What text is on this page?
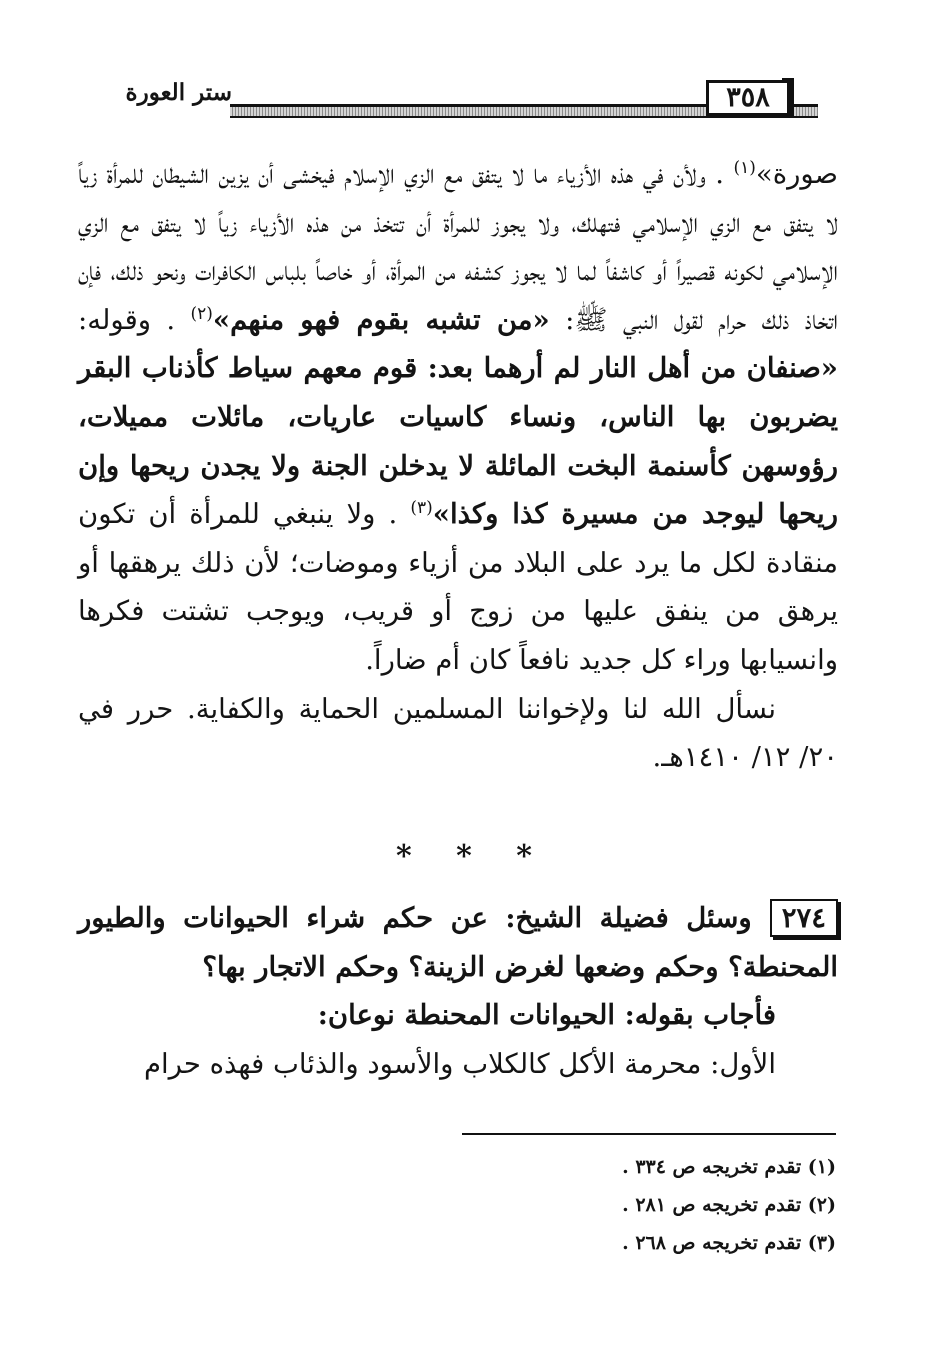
ستر العورة	٣٥٨

صورة»$^{(١)}$ . ولأن في هذه الأزياء ما لا يتفق مع الزي الإسلام فيخشى أن يزين الشيطان للمرأة زياً لا يتفق مع الزي الإسلامي فتهلك، ولا يجوز للمرأة أن تتخذ من هذه الأزياء زياً لا يتفق مع الزي الإسلامي لكونه قصيراً أو كاشفاً لما لا يجوز كشفه من المرأة، أو خاصاً بلباس الكافرات ونحو ذلك، فإن اتخاذ ذلك حرام لقول النبي ﷺ: «من تشبه بقوم فهو منهم»$^{(٢)}$ . وقوله: «صنفان من أهل النار لم أرهما بعد: قوم معهم سياط كأذناب البقر يضربون بها الناس، ونساء كاسيات عاريات، مائلات مميلات، رؤوسهن كأسنمة البخت المائلة لا يدخلن الجنة ولا يجدن ريحها وإن ريحها ليوجد من مسيرة كذا وكذا»$^{(٣)}$ . ولا ينبغي للمرأة أن تكون منقادة لكل ما يرد على البلاد من أزياء وموضات؛ لأن ذلك يرهقها أو يرهق من ينفق عليها من زوج أو قريب، ويوجب تشتت فكرها وانسيابها وراء كل جديد نافعاً كان أم ضاراً.

نسأل الله لنا ولإخواننا المسلمين الحماية والكفاية. حرر في ٢٠/ ١٢/ ١٤١٠هـ.

* * *

٢٧٤وسئل فضيلة الشيخ: عن حكم شراء الحيوانات والطيور المحنطة؟ وحكم وضعها لغرض الزينة؟ وحكم الاتجار بها؟

فأجاب بقوله: الحيوانات المحنطة نوعان:

الأول: محرمة الأكل كالكلاب والأسود والذئاب فهذه حرام

(١) تقدم تخريجه ص ٣٣٤ .
(٢) تقدم تخريجه ص ٢٨١ .
(٣) تقدم تخريجه ص ٢٦٨ .
